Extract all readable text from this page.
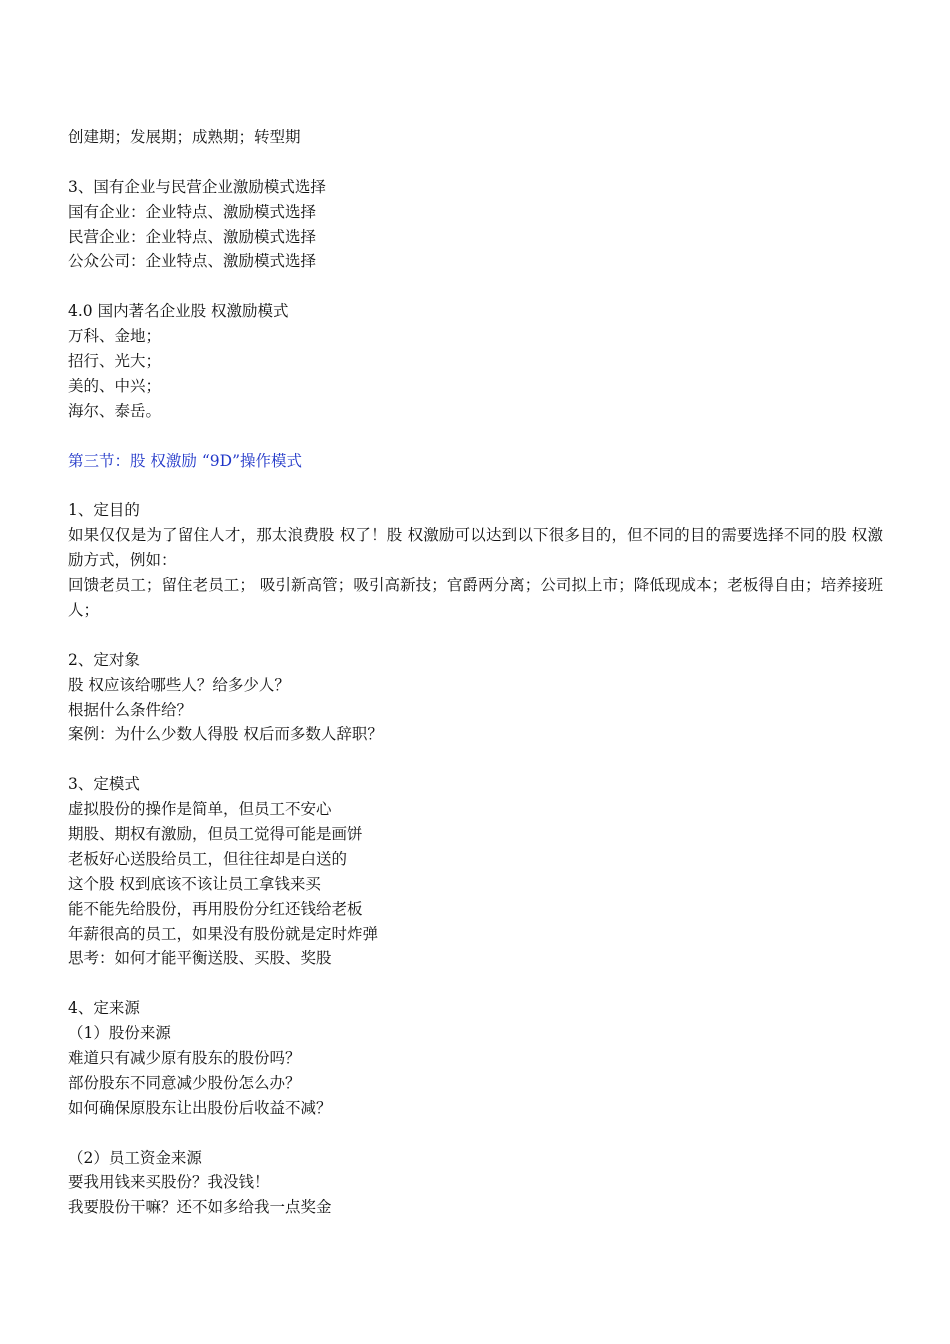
创建期；发展期；成熟期；转型期
3、国有企业与民营企业激励模式选择
国有企业：企业特点、激励模式选择
民营企业：企业特点、激励模式选择
公众公司：企业特点、激励模式选择
4.0 国内著名企业股 权激励模式
万科、金地；
招行、光大；
美的、中兴；
海尔、泰岳。
第三节：股 权激励 “9D”操作模式
1、定目的
如果仅仅是为了留住人才，那太浪费股 权了！股 权激励可以达到以下很多目的，但不同的目的需要选择不同的股 权激励方式，例如：
回馈老员工；留住老员工； 吸引新高管；吸引高新技；官爵两分离；公司拟上市；降低现成本；老板得自由；培养接班人；
2、定对象
股 权应该给哪些人？给多少人？
根据什么条件给？
案例：为什么少数人得股 权后而多数人辞职？
3、定模式
虚拟股份的操作是简单，但员工不安心
期股、期权有激励，但员工觉得可能是画饼
老板好心送股给员工，但往往却是白送的
这个股 权到底该不该让员工拿钱来买
能不能先给股份，再用股份分红还钱给老板
年薪很高的员工，如果没有股份就是定时炸弹
思考：如何才能平衡送股、买股、奖股
4、定来源
（1）股份来源
难道只有减少原有股东的股份吗？
部份股东不同意减少股份怎么办？
如何确保原股东让出股份后收益不减？
（2）员工资金来源
要我用钱来买股份？我没钱！
我要股份干嘛？还不如多给我一点奖金
